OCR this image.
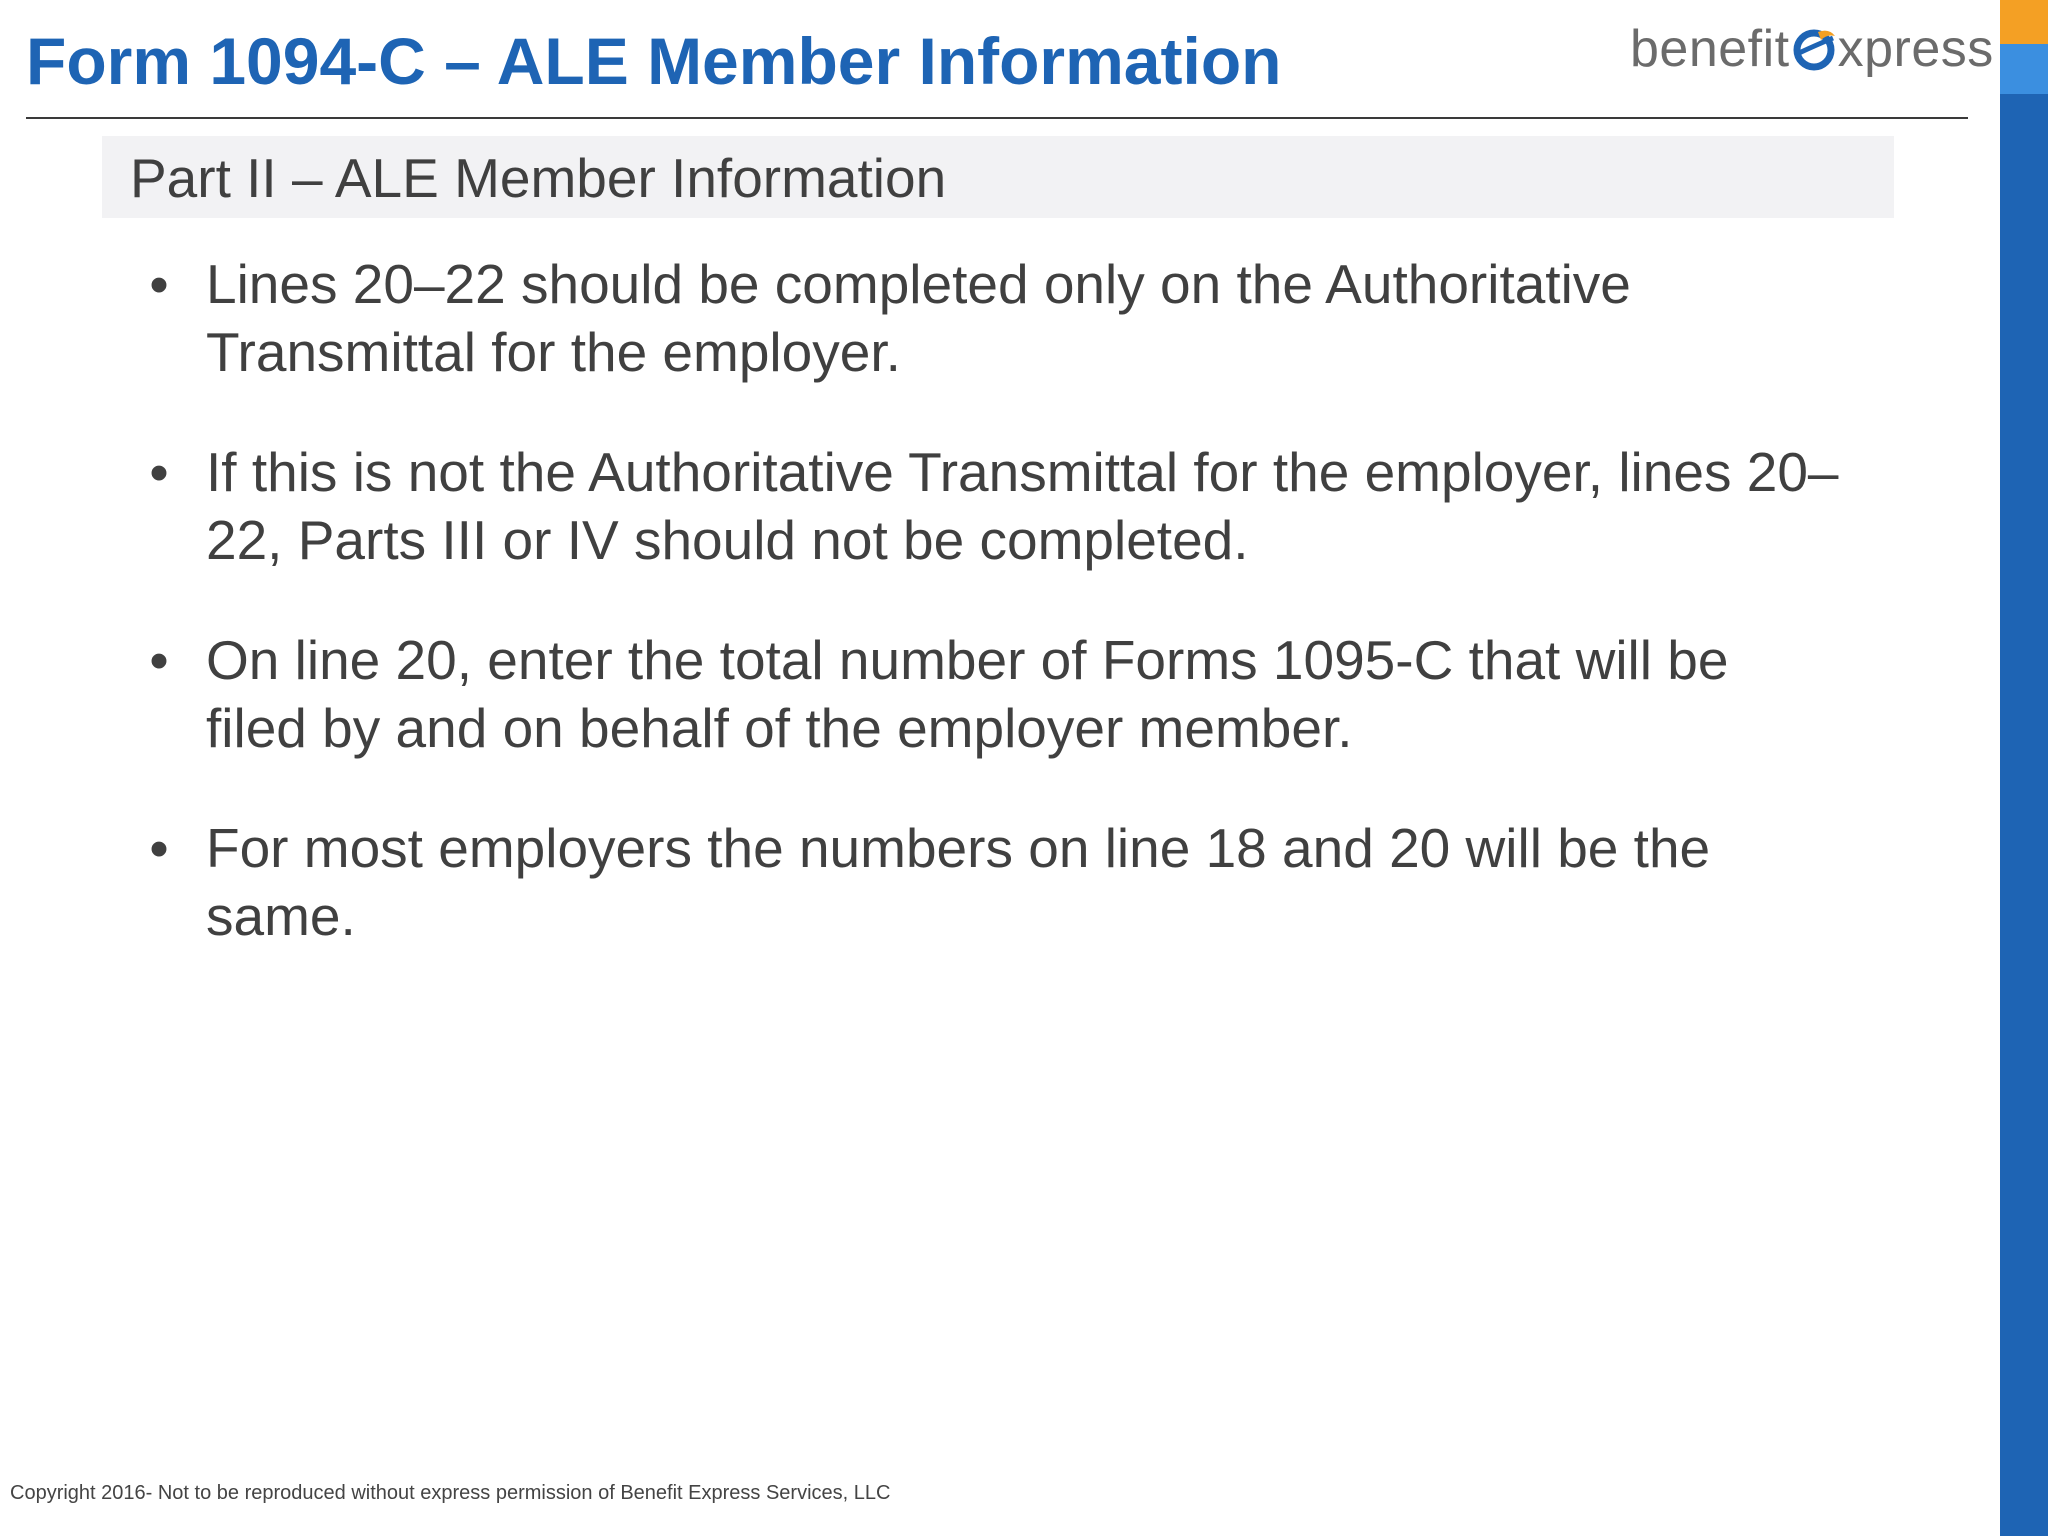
Form 1094-C – ALE Member Information	benefit xpress
Part II – ALE Member Information
• Lines 20–22 should be completed only on the Authoritative Transmittal for the employer.
• If this is not the Authoritative Transmittal for the employer, lines 20–22, Parts III or IV should not be completed.
• On line 20, enter the total number of Forms 1095-C that will be filed by and on behalf of the employer member.
• For most employers the numbers on line 18 and 20 will be the same.
Copyright 2016- Not to be reproduced without express permission of Benefit Express Services, LLC
